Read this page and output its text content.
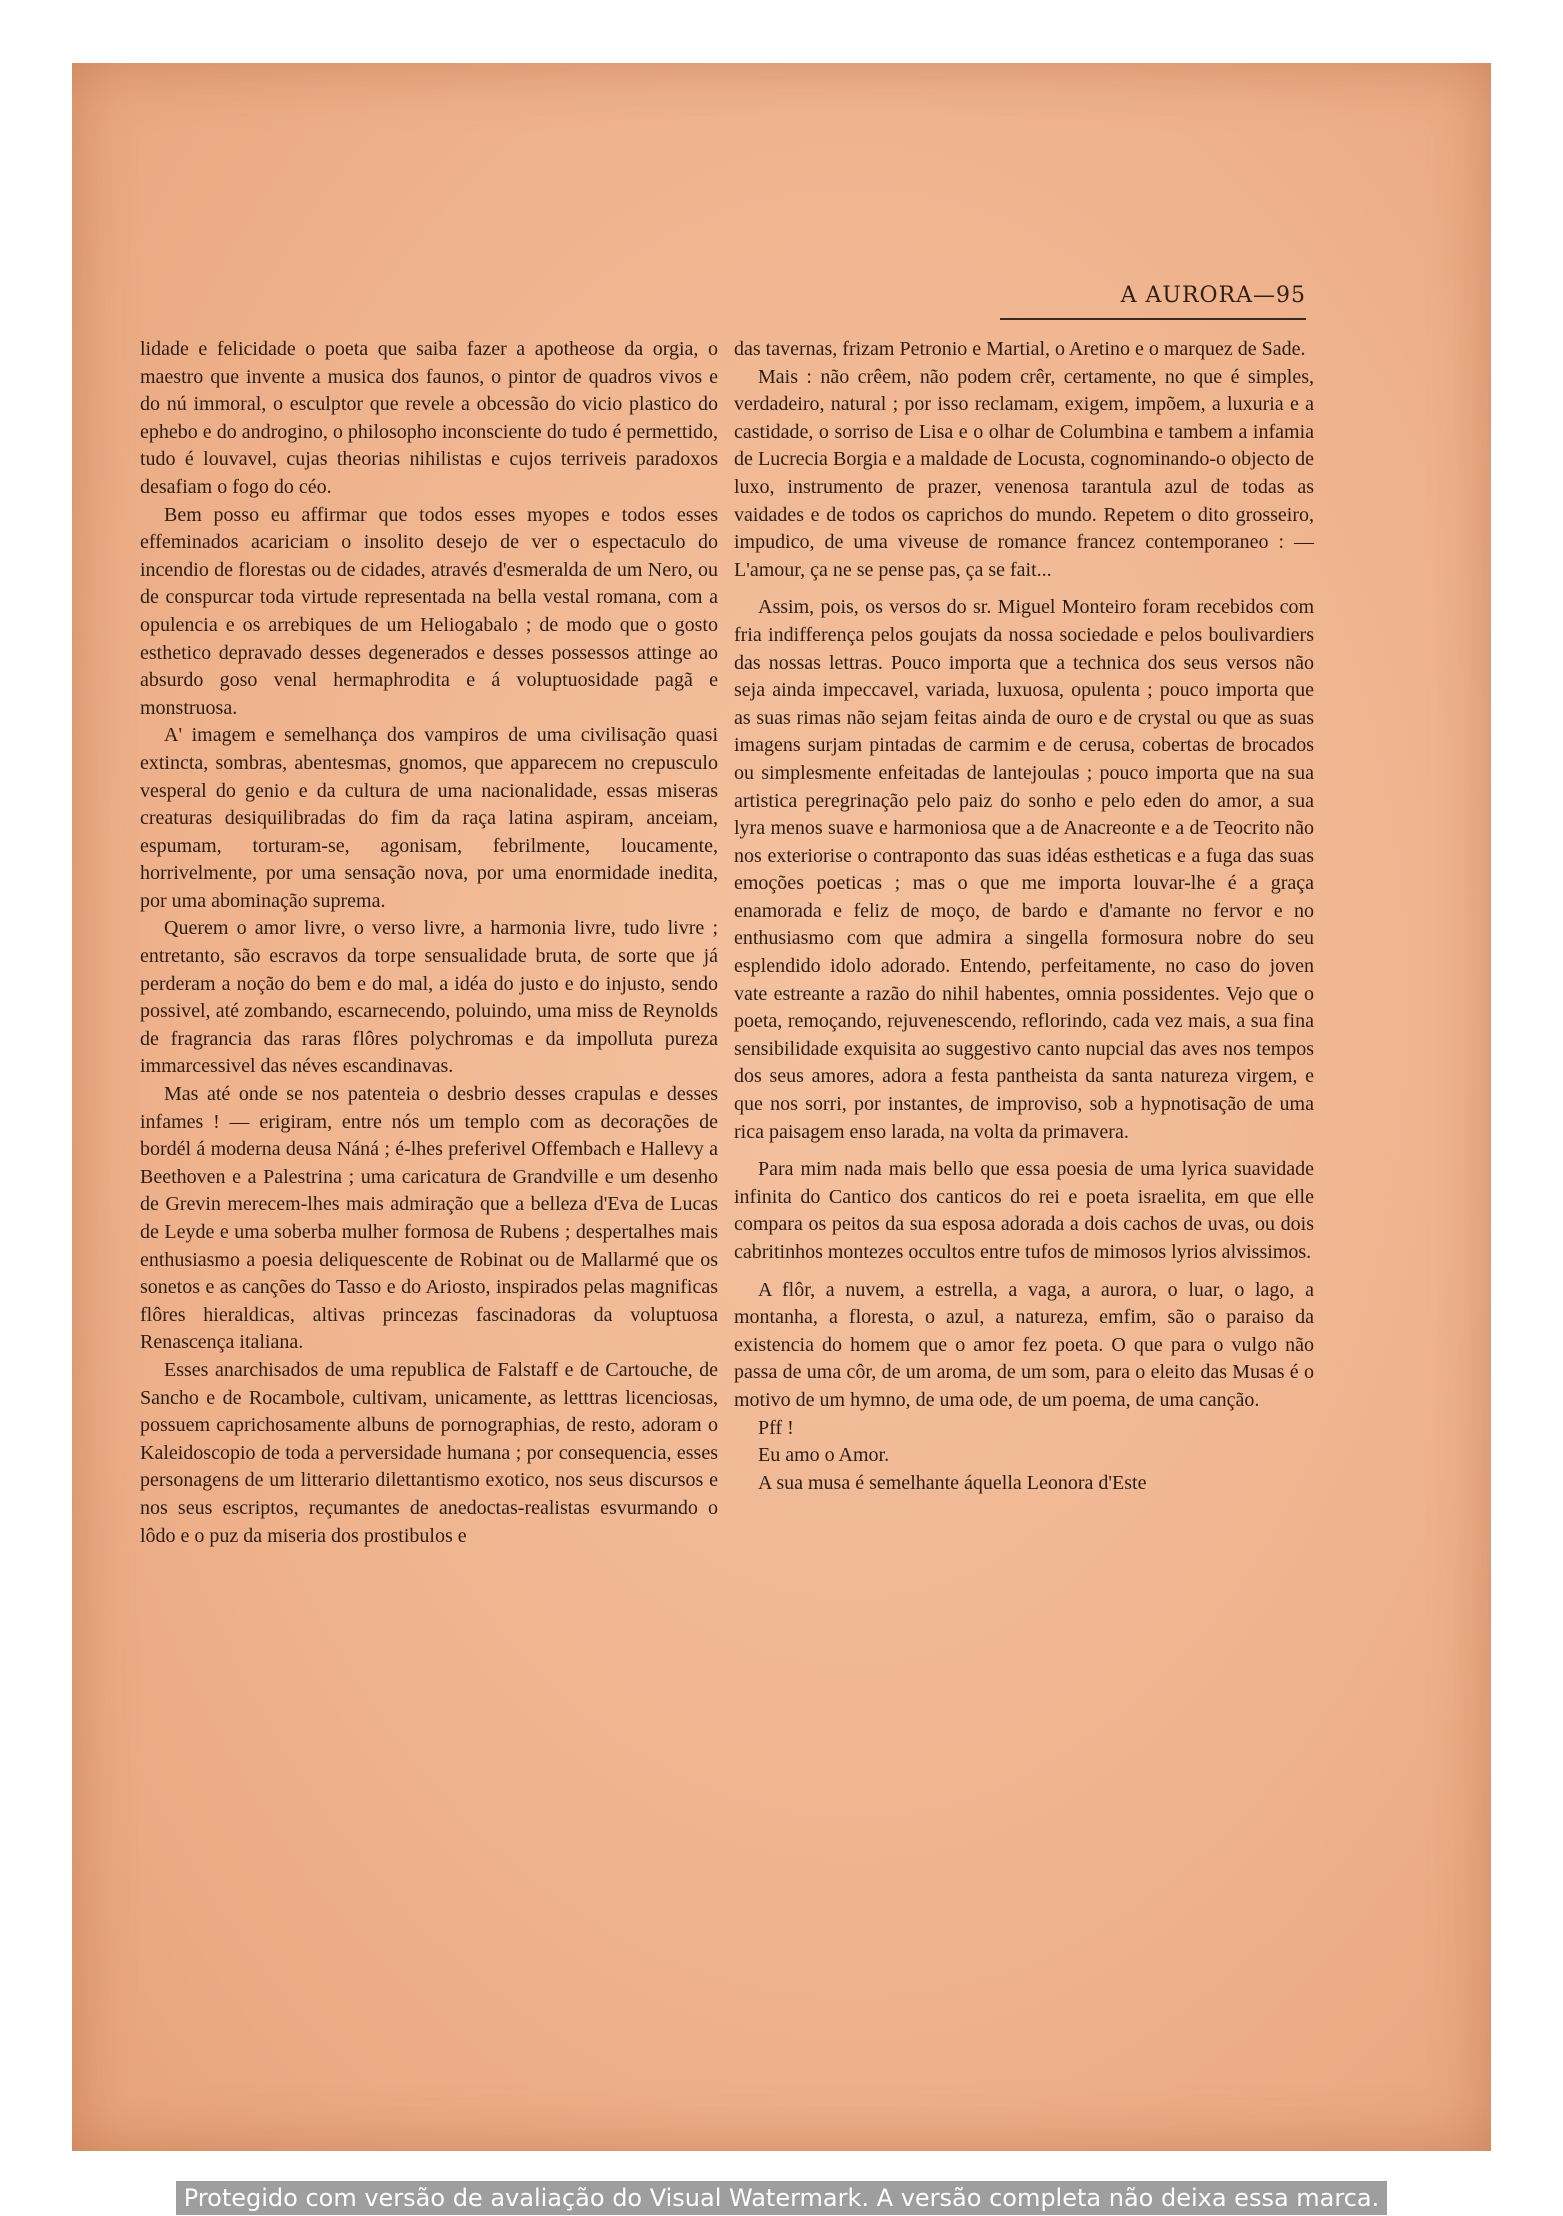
A AURORA—95

lidade e felicidade o poeta que saiba fazer a apotheose da orgia, o maestro que invente a musica dos faunos, o pintor de quadros vivos e do nú immoral, o esculptor que revele a obcessão do vicio plastico do ephebo e do androgino, o philosopho inconsciente do tudo é permettido, tudo é louvavel, cujas theorias nihilistas e cujos terriveis paradoxos desafiam o fogo do céo.

Bem posso eu affirmar que todos esses myopes e todos esses effeminados acariciam o insolito desejo de ver o espectaculo do incendio de florestas ou de cidades, através d'esmeralda de um Nero, ou de conspurcar toda virtude representada na bella vestal romana, com a opulencia e os arrebiques de um Heliogabalo ; de modo que o gosto esthetico depravado desses degenerados e desses possessos attinge ao absurdo goso venal hermaphrodita e á voluptuosidade pagã e monstruosa.

A' imagem e semelhança dos vampiros de uma civilisação quasi extincta, sombras, abentesmas, gnomos, que apparecem no crepusculo vesperal do genio e da cultura de uma nacionalidade, essas miseras creaturas desiquilibradas do fim da raça latina aspiram, anceiam, espumam, torturam-se, agonisam, febrilmente, loucamente, horrivelmente, por uma sensação nova, por uma enormidade inedita, por uma abominação suprema.

Querem o amor livre, o verso livre, a harmonia livre, tudo livre ; entretanto, são escravos da torpe sensualidade bruta, de sorte que já perderam a noção do bem e do mal, a idéa do justo e do injusto, sendo possivel, até zombando, escarnecendo, poluindo, uma miss de Reynolds de fragrancia das raras flôres polychromas e da impolluta pureza immarcessivel das néves escandinavas.

Mas até onde se nos patenteia o desbrio desses crapulas e desses infames ! — erigiram, entre nós um templo com as decorações de bordél á moderna deusa Náná ; é-lhes preferivel Offembach e Hallevy a Beethoven e a Palestrina ; uma caricatura de Grandville e um desenho de Grevin merecem-lhes mais admiração que a belleza d'Eva de Lucas de Leyde e uma soberba mulher formosa de Rubens ; despertalhes mais enthusiasmo a poesia deliquescente de Robinat ou de Mallarmé que os sonetos e as canções do Tasso e do Ariosto, inspirados pelas magnificas flôres hieraldicas, altivas princezas fascinadoras da voluptuosa Renascença italiana.

Esses anarchisados de uma republica de Falstaff e de Cartouche, de Sancho e de Rocambole, cultivam, unicamente, as letttras licenciosas, possuem caprichosamente albuns de pornographias, de resto, adoram o Kaleidoscopio de toda a perversidade humana ; por consequencia, esses personagens de um litterario dilettantismo exotico, nos seus discursos e nos seus escriptos, reçumantes de anedoctas-realistas esvurmando o lôdo e o puz da miseria dos prostibulos e

das tavernas, frizam Petronio e Martial, o Aretino e o marquez de Sade.

Mais : não crêem, não podem crêr, certamente, no que é simples, verdadeiro, natural ; por isso reclamam, exigem, impõem, a luxuria e a castidade, o sorriso de Lisa e o olhar de Columbina e tambem a infamia de Lucrecia Borgia e a maldade de Locusta, cognominando-o objecto de luxo, instrumento de prazer, venenosa tarantula azul de todas as vaidades e de todos os caprichos do mundo. Repetem o dito grosseiro, impudico, de uma viveuse de romance francez contemporaneo : — L'amour, ça ne se pense pas, ça se fait...

Assim, pois, os versos do sr. Miguel Monteiro foram recebidos com fria indifferença pelos goujats da nossa sociedade e pelos boulivardiers das nossas lettras. Pouco importa que a technica dos seus versos não seja ainda impeccavel, variada, luxuosa, opulenta ; pouco importa que as suas rimas não sejam feitas ainda de ouro e de crystal ou que as suas imagens surjam pintadas de carmim e de cerusa, cobertas de brocados ou simplesmente enfeitadas de lantejoulas ; pouco importa que na sua artistica peregrinação pelo paiz do sonho e pelo eden do amor, a sua lyra menos suave e harmoniosa que a de Anacreonte e a de Teocrito não nos exteriorise o contraponto das suas idéas estheticas e a fuga das suas emoções poeticas ; mas o que me importa louvar-lhe é a graça enamorada e feliz de moço, de bardo e d'amante no fervor e no enthusiasmo com que admira a singella formosura nobre do seu esplendido idolo adorado. Entendo, perfeitamente, no caso do joven vate estreante a razão do nihil habentes, omnia possidentes. Vejo que o poeta, remoçando, rejuvenescendo, reflorindo, cada vez mais, a sua fina sensibilidade exquisita ao suggestivo canto nupcial das aves nos tempos dos seus amores, adora a festa pantheista da santa natureza virgem, e que nos sorri, por instantes, de improviso, sob a hypnotisação de uma rica paisagem enso larada, na volta da primavera.

Para mim nada mais bello que essa poesia de uma lyrica suavidade infinita do Cantico dos canticos do rei e poeta israelita, em que elle compara os peitos da sua esposa adorada a dois cachos de uvas, ou dois cabritinhos montezes occultos entre tufos de mimosos lyrios alvissimos.

A flôr, a nuvem, a estrella, a vaga, a aurora, o luar, o lago, a montanha, a floresta, o azul, a natureza, emfim, são o paraiso da existencia do homem que o amor fez poeta. O que para o vulgo não passa de uma côr, de um aroma, de um som, para o eleito das Musas é o motivo de um hymno, de uma ode, de um poema, de uma canção.

Pff !

Eu amo o Amor.

A sua musa é semelhante áquella Leonora d'Este

Protegido com versão de avaliação do Visual Watermark. A versão completa não deixa essa marca.
